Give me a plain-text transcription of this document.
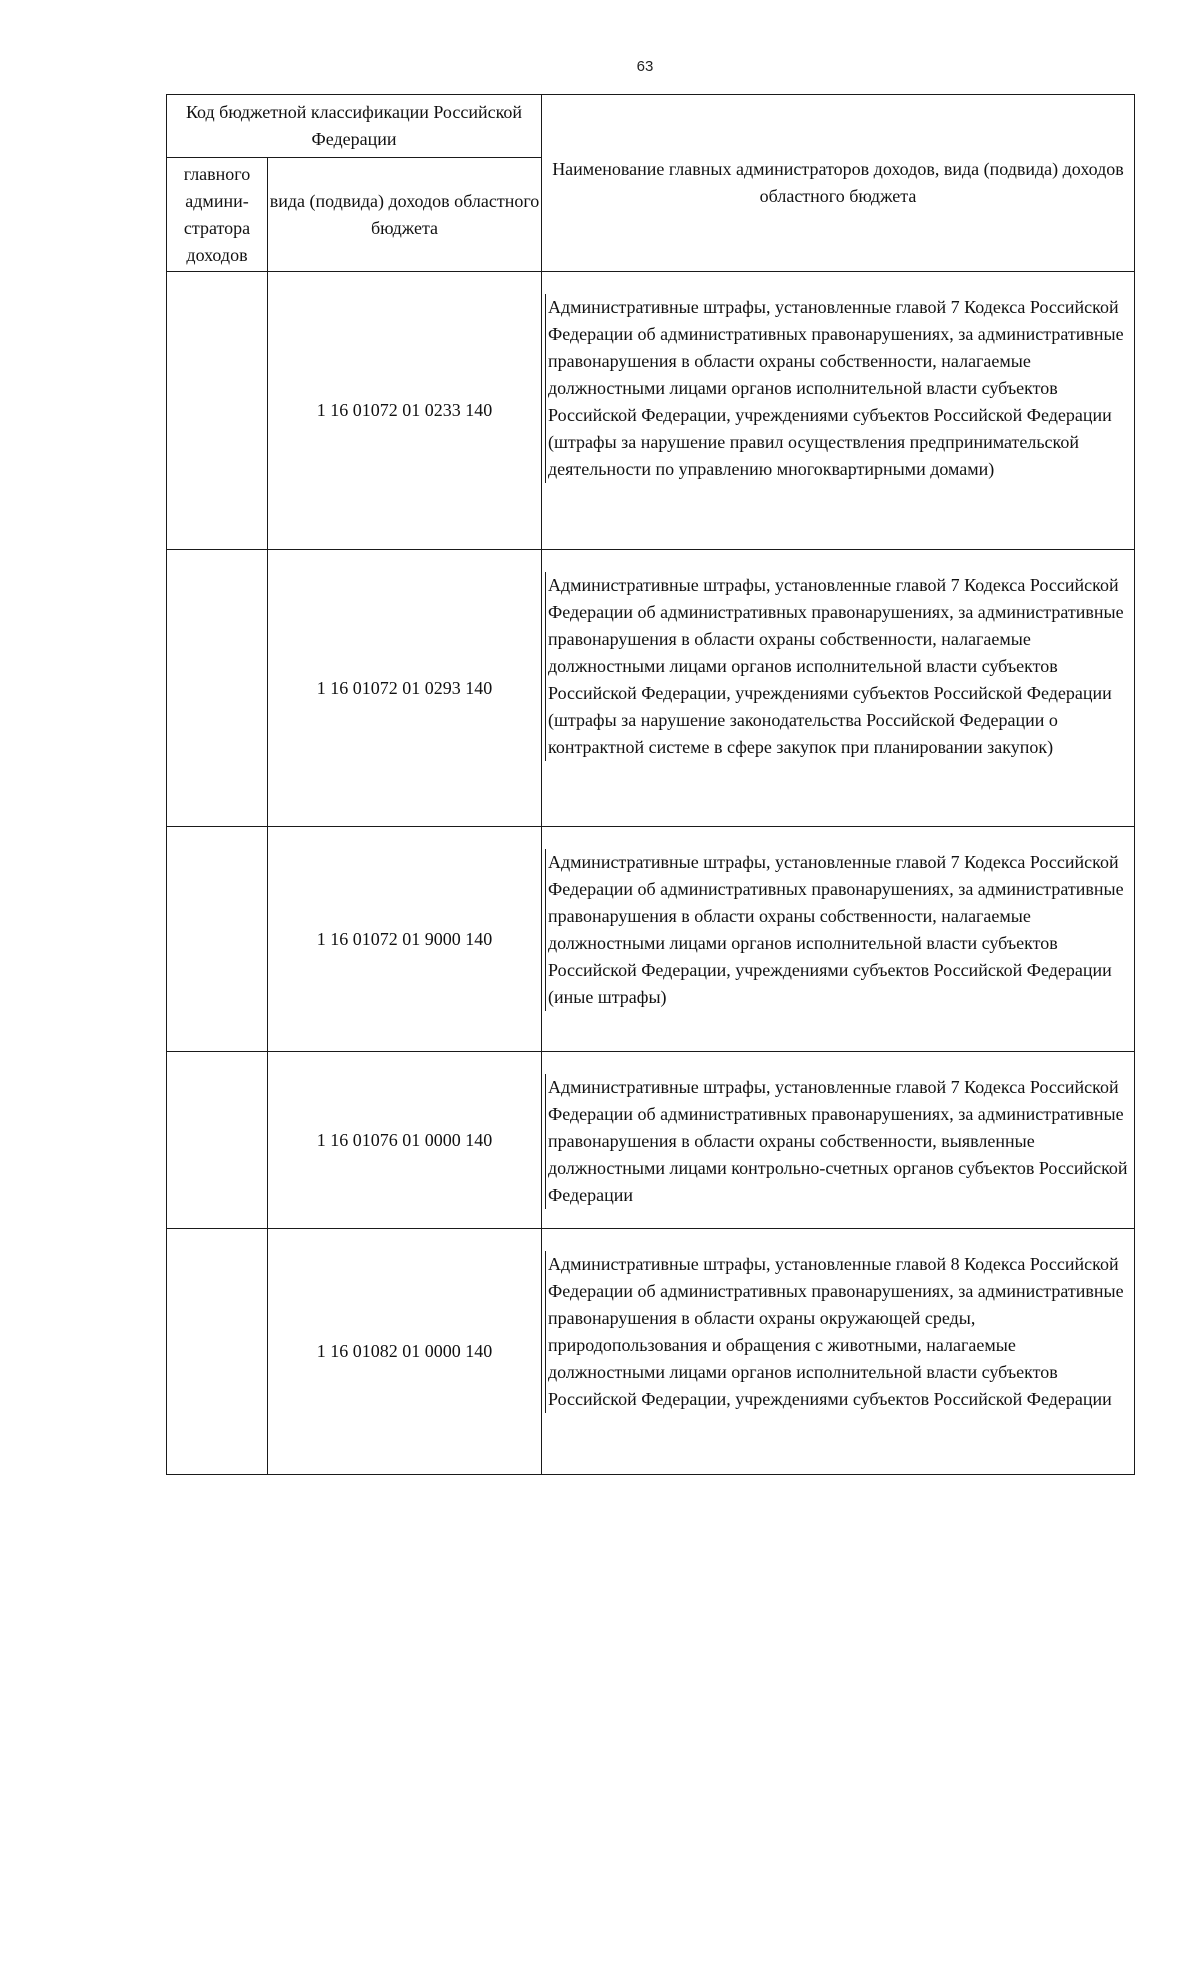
63
Код бюджетной классификации Российской Федерации		Наименование главных администраторов доходов, вида (подвида) доходов областного бюджета
главного админи-стратора доходов	вида (подвида) доходов областного бюджета	
	1 16 01072 01 0233 140	Административные штрафы, установленные главой 7 Кодекса Российской Федерации об административных правонарушениях, за административные правонарушения в области охраны собственности, налагаемые должностными лицами органов исполнительной власти субъектов Российской Федерации, учреждениями субъектов Российской Федерации (штрафы за нарушение правил осуществления предпринимательской деятельности по управлению многоквартирными домами)

	1 16 01072 01 0293 140	Административные штрафы, установленные главой 7 Кодекса Российской Федерации об административных правонарушениях, за административные правонарушения в области охраны собственности, налагаемые должностными лицами органов исполнительной власти субъектов Российской Федерации, учреждениями субъектов Российской Федерации (штрафы за нарушение законодательства Российской Федерации о контрактной системе в сфере закупок при планировании закупок)

	1 16 01072 01 9000 140	Административные штрафы, установленные главой 7 Кодекса Российской Федерации об административных правонарушениях, за административные правонарушения в области охраны собственности, налагаемые должностными лицами органов исполнительной власти субъектов Российской Федерации, учреждениями субъектов Российской Федерации (иные штрафы)

	1 16 01076 01 0000 140	Административные штрафы, установленные главой 7 Кодекса Российской Федерации об административных правонарушениях, за административные правонарушения в области охраны собственности, выявленные должностными лицами контрольно-счетных органов субъектов Российской Федерации

	1 16 01082 01 0000 140	Административные штрафы, установленные главой 8 Кодекса Российской Федерации об административных правонарушениях, за административные правонарушения в области охраны окружающей среды, природопользования и обращения с животными, налагаемые должностными лицами органов исполнительной власти субъектов Российской Федерации, учреждениями субъектов Российской Федерации
